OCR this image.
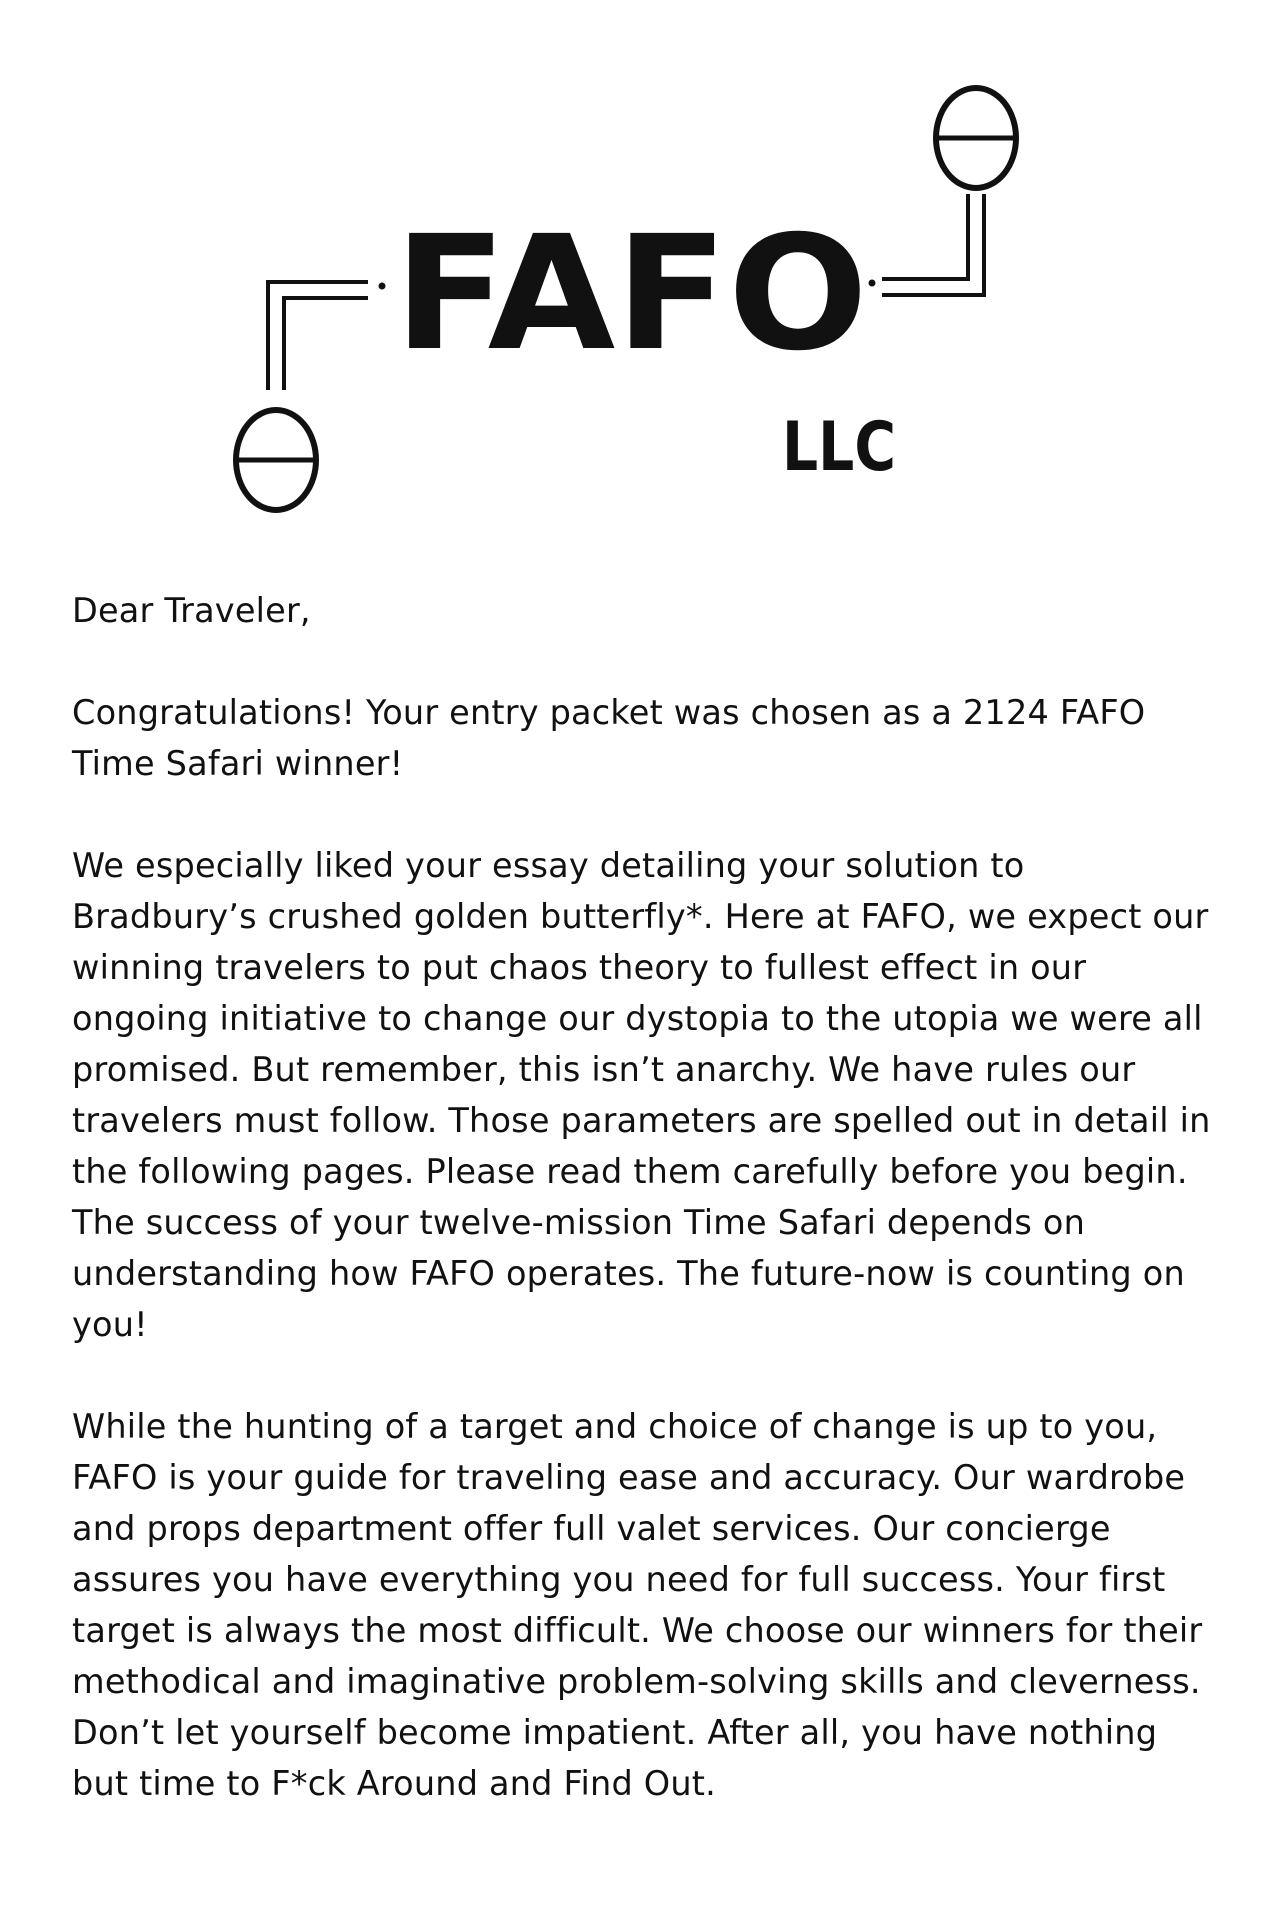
FAFO
LLC

Dear Traveler,

Congratulations! Your entry packet was chosen as a 2124 FAFO Time Safari winner!

We especially liked your essay detailing your solution to Bradbury’s crushed golden butterfly*. Here at FAFO, we expect our winning travelers to put chaos theory to fullest effect in our ongoing initiative to change our dystopia to the utopia we were all promised. But remember, this isn’t anarchy. We have rules our travelers must follow. Those parameters are spelled out in detail in the following pages. Please read them carefully before you begin. The success of your twelve-mission Time Safari depends on understanding how FAFO operates. The future-now is counting on you!

While the hunting of a target and choice of change is up to you, FAFO is your guide for traveling ease and accuracy. Our wardrobe and props department offer full valet services. Our concierge assures you have everything you need for full success. Your first target is always the most difficult. We choose our winners for their methodical and imaginative problem-solving skills and cleverness. Don’t let yourself become impatient. After all, you have nothing but time to F*ck Around and Find Out.
